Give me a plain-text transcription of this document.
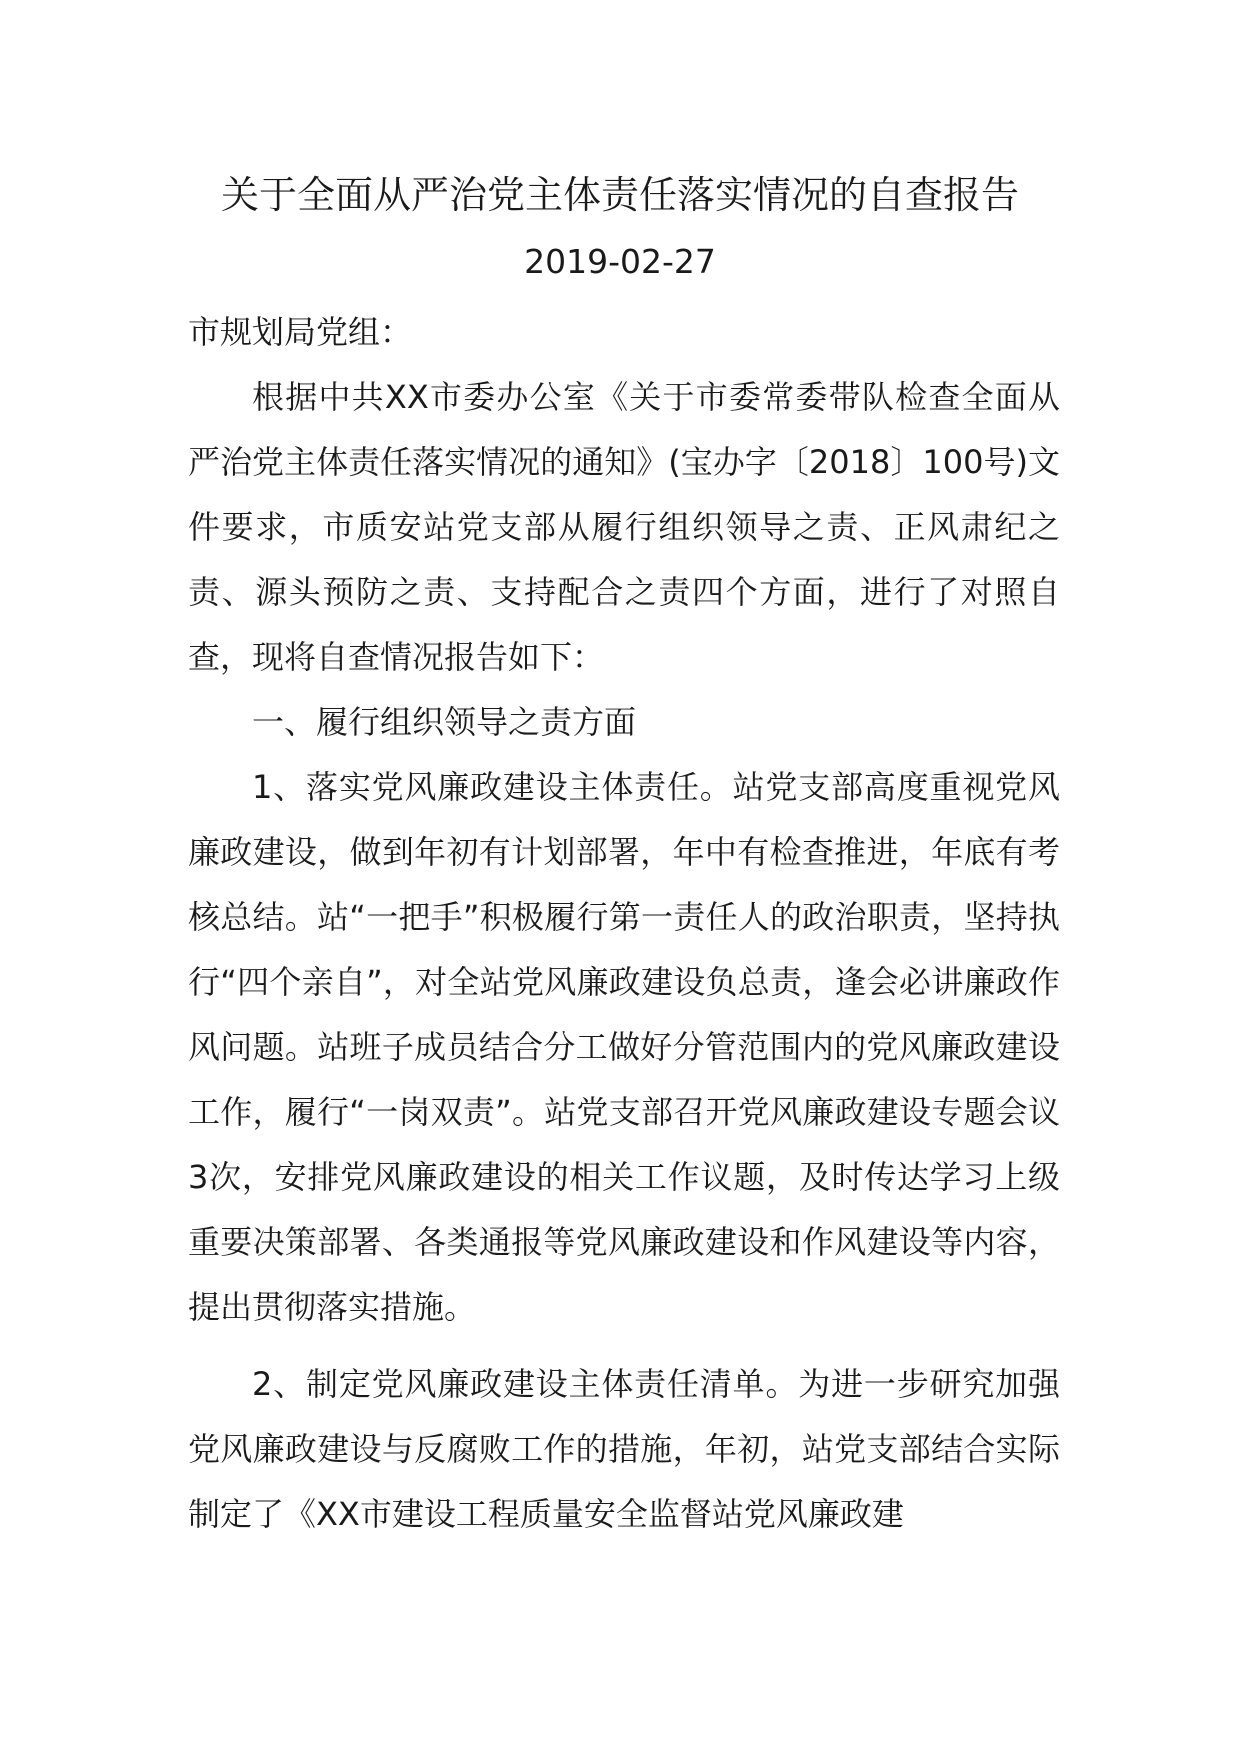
关于全面从严治党主体责任落实情况的自查报告
2019-02-27

市规划局党组：

根据中共XX市委办公室《关于市委常委带队检查全面从严治党主体责任落实情况的通知》(宝办字〔2018〕100号)文件要求，市质安站党支部从履行组织领导之责、正风肃纪之责、源头预防之责、支持配合之责四个方面，进行了对照自查，现将自查情况报告如下：

一、履行组织领导之责方面

1、落实党风廉政建设主体责任。站党支部高度重视党风廉政建设，做到年初有计划部署，年中有检查推进，年底有考核总结。站“一把手”积极履行第一责任人的政治职责，坚持执行“四个亲自”，对全站党风廉政建设负总责，逢会必讲廉政作风问题。站班子成员结合分工做好分管范围内的党风廉政建设工作，履行“一岗双责”。站党支部召开党风廉政建设专题会议3次，安排党风廉政建设的相关工作议题，及时传达学习上级重要决策部署、各类通报等党风廉政建设和作风建设等内容，提出贯彻落实措施。

2、制定党风廉政建设主体责任清单。为进一步研究加强党风廉政建设与反腐败工作的措施，年初，站党支部结合实际制定了《XX市建设工程质量安全监督站党风廉政建
